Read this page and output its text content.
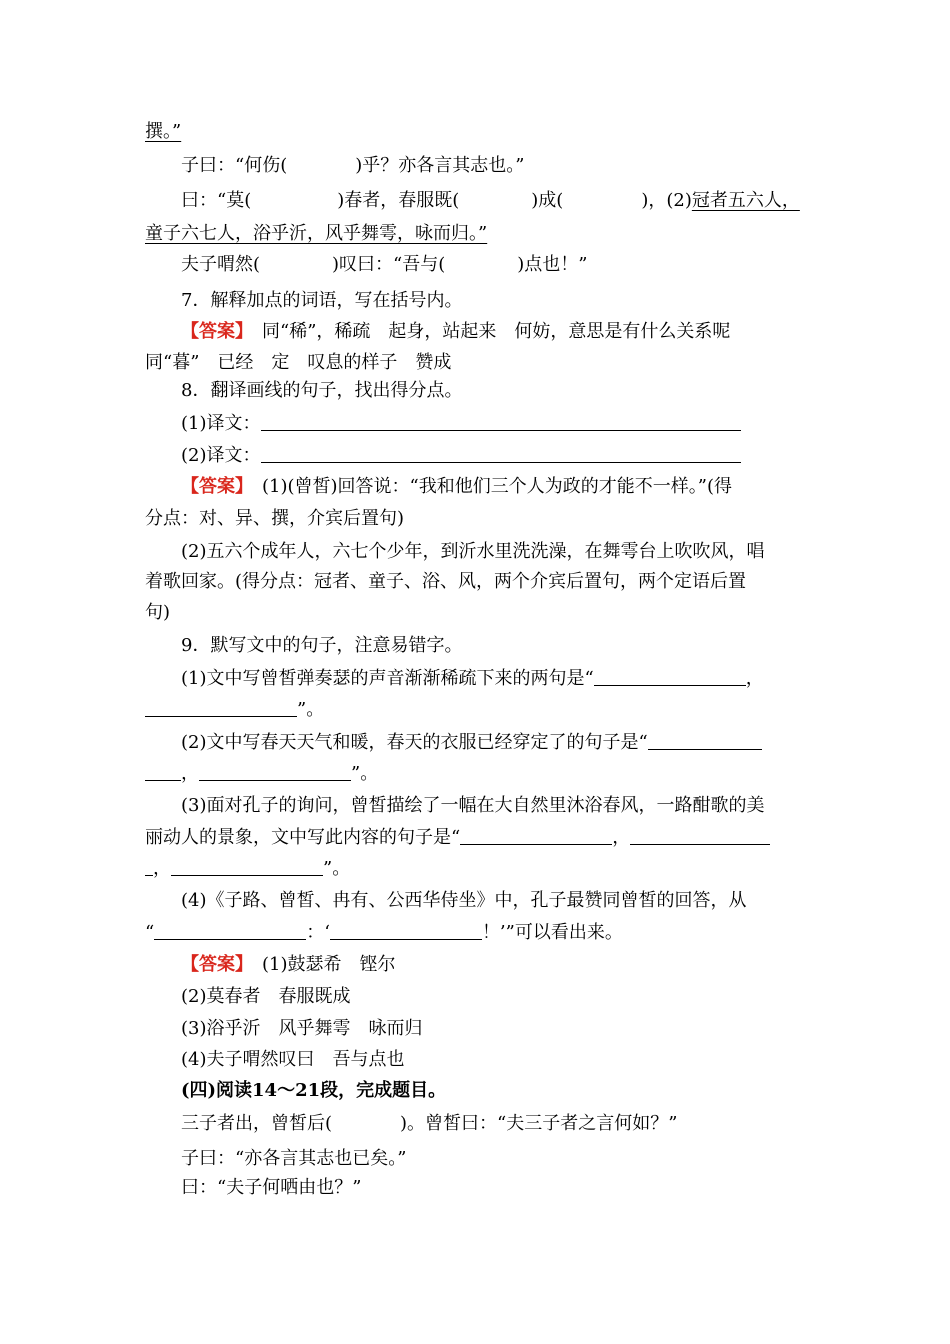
撰。”
子曰：“何伤(	)乎？亦各言其志也。”
曰：“莫(	)春者，春服既(	)成(	)，(2)冠者五六人，
童子六七人，浴乎沂，风乎舞雩，咏而归。”
夫子喟然(	)叹曰：“吾与(	)点也！”
7．解释加点的词语，写在括号内。
【答案】　 同“稀”，稀疏　起身，站起来　何妨，意思是有什么关系呢
同“暮”　已经　定　叹息的样子　赞成
8．翻译画线的句子，找出得分点。
(1)译文：
(2)译文：
【答案】　 (1)(曾皙)回答说：“我和他们三个人为政的才能不一样。”(得
分点：对、异、撰，介宾后置句)
(2)五六个成年人，六七个少年，到沂水里洗洗澡，在舞雩台上吹吹风，唱
着歌回家。(得分点：冠者、童子、浴、风，两个介宾后置句，两个定语后置
句)
9．默写文中的句子，注意易错字。
(1)文中写曾皙弹奏瑟的声音渐渐稀疏下来的两句是“	，
”。
(2)文中写春天天气和暖，春天的衣服已经穿定了的句子是“
，	”。
(3)面对孔子的询问，曾皙描绘了一幅在大自然里沐浴春风，一路酣歌的美
丽动人的景象，文中写此内容的句子是“	，
，	”。
(4)《子路、曾皙、冉有、公西华侍坐》中，孔子最赞同曾皙的回答，从
“	：‘	！’”可以看出来。
【答案】　 (1)鼓瑟希　铿尔
(2)莫春者　春服既成
(3)浴乎沂　风乎舞雩　咏而归
(4)夫子喟然叹曰　吾与点也
(四)阅读14～21段，完成题目。
三子者出，曾皙后(	)。曾皙曰：“夫三子者之言何如？”
子曰：“亦各言其志也已矣。”
曰：“夫子何哂由也？”
